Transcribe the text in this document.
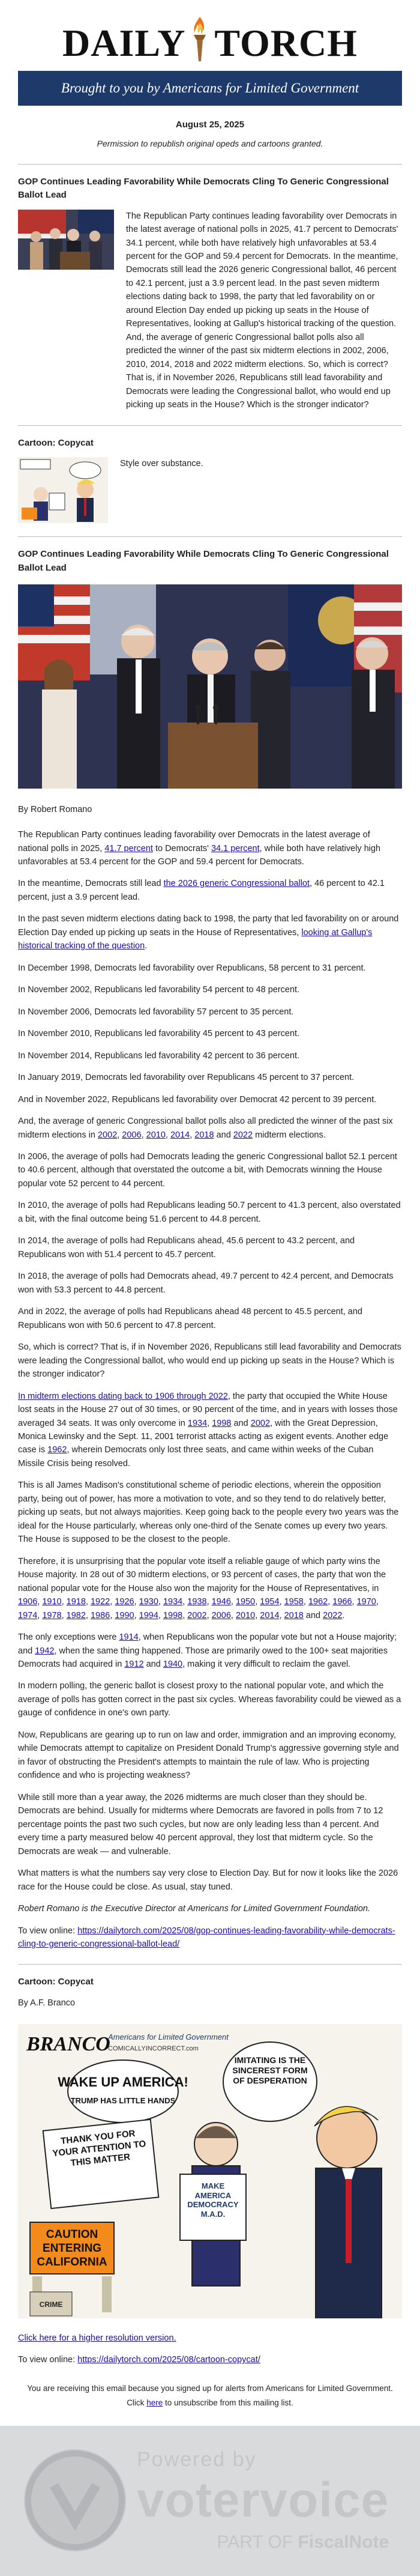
DAILY TORCH
Brought to you by Americans for Limited Government
August 25, 2025
Permission to republish original opeds and cartoons granted.
GOP Continues Leading Favorability While Democrats Cling To Generic Congressional Ballot Lead

The Republican Party continues leading favorability over Democrats in the latest average of national polls in 2025, 41.7 percent to Democrats' 34.1 percent, while both have relatively high unfavorables at 53.4 percent for the GOP and 59.4 percent for Democrats. In the meantime, Democrats still lead the 2026 generic Congressional ballot, 46 percent to 42.1 percent, just a 3.9 percent lead. In the past seven midterm elections dating back to 1998, the party that led favorability on or around Election Day ended up picking up seats in the House of Representatives, looking at Gallup's historical tracking of the question. And, the average of generic Congressional ballot polls also all predicted the winner of the past six midterm elections in 2002, 2006, 2010, 2014, 2018 and 2022 midterm elections. So, which is correct? That is, if in November 2026, Republicans still lead favorability and Democrats were leading the Congressional ballot, who would end up picking up seats in the House? Which is the stronger indicator?

Cartoon: Copycat

Style over substance.

GOP Continues Leading Favorability While Democrats Cling To Generic Congressional Ballot Lead

By Robert Romano

The Republican Party continues leading favorability over Democrats in the latest average of national polls in 2025, 41.7 percent to Democrats' 34.1 percent, while both have relatively high unfavorables at 53.4 percent for the GOP and 59.4 percent for Democrats.

In the meantime, Democrats still lead the 2026 generic Congressional ballot, 46 percent to 42.1 percent, just a 3.9 percent lead.

In the past seven midterm elections dating back to 1998, the party that led favorability on or around Election Day ended up picking up seats in the House of Representatives, looking at Gallup's historical tracking of the question.

In December 1998, Democrats led favorability over Republicans, 58 percent to 31 percent.

In November 2002, Republicans led favorability 54 percent to 48 percent.

In November 2006, Democrats led favorability 57 percent to 35 percent.

In November 2010, Republicans led favorability 45 percent to 43 percent.

In November 2014, Republicans led favorability 42 percent to 36 percent.

In January 2019, Democrats led favorability over Republicans 45 percent to 37 percent.

And in November 2022, Republicans led favorability over Democrat 42 percent to 39 percent.

And, the average of generic Congressional ballot polls also all predicted the winner of the past six midterm elections in 2002, 2006, 2010, 2014, 2018 and 2022 midterm elections.

In 2006, the average of polls had Democrats leading the generic Congressional ballot 52.1 percent to 40.6 percent, although that overstated the outcome a bit, with Democrats winning the House popular vote 52 percent to 44 percent.

In 2010, the average of polls had Republicans leading 50.7 percent to 41.3 percent, also overstated a bit, with the final outcome being 51.6 percent to 44.8 percent.

In 2014, the average of polls had Republicans ahead, 45.6 percent to 43.2 percent, and Republicans won with 51.4 percent to 45.7 percent.

In 2018, the average of polls had Democrats ahead, 49.7 percent to 42.4 percent, and Democrats won with 53.3 percent to 44.8 percent.

And in 2022, the average of polls had Republicans ahead 48 percent to 45.5 percent, and Republicans won with 50.6 percent to 47.8 percent.

So, which is correct? That is, if in November 2026, Republicans still lead favorability and Democrats were leading the Congressional ballot, who would end up picking up seats in the House? Which is the stronger indicator?

In midterm elections dating back to 1906 through 2022, the party that occupied the White House lost seats in the House 27 out of 30 times, or 90 percent of the time, and in years with losses those averaged 34 seats. It was only overcome in 1934, 1998 and 2002, with the Great Depression, Monica Lewinsky and the Sept. 11, 2001 terrorist attacks acting as exigent events. Another edge case is 1962, wherein Democrats only lost three seats, and came within weeks of the Cuban Missile Crisis being resolved.

This is all James Madison's constitutional scheme of periodic elections, wherein the opposition party, being out of power, has more a motivation to vote, and so they tend to do relatively better, picking up seats, but not always majorities. Keep going back to the people every two years was the ideal for the House particularly, whereas only one-third of the Senate comes up every two years. The House is supposed to be the closest to the people.

Therefore, it is unsurprising that the popular vote itself a reliable gauge of which party wins the House majority. In 28 out of 30 midterm elections, or 93 percent of cases, the party that won the national popular vote for the House also won the majority for the House of Representatives, in 1906, 1910, 1918, 1922, 1926, 1930, 1934, 1938, 1946, 1950, 1954, 1958, 1962, 1966, 1970, 1974, 1978, 1982, 1986, 1990, 1994, 1998, 2002, 2006, 2010, 2014, 2018 and 2022.

The only exceptions were 1914, when Republicans won the popular vote but not a House majority; and 1942, when the same thing happened. Those are primarily owed to the 100+ seat majorities Democrats had acquired in 1912 and 1940, making it very difficult to reclaim the gavel.

In modern polling, the generic ballot is closest proxy to the national popular vote, and which the average of polls has gotten correct in the past six cycles. Whereas favorability could be viewed as a gauge of confidence in one's own party.

Now, Republicans are gearing up to run on law and order, immigration and an improving economy, while Democrats attempt to capitalize on President Donald Trump's aggressive governing style and in favor of obstructing the President's attempts to maintain the rule of law. Who is projecting confidence and who is projecting weakness?

While still more than a year away, the 2026 midterms are much closer than they should be. Democrats are behind. Usually for midterms where Democrats are favored in polls from 7 to 12 percentage points the past two such cycles, but now are only leading less than 4 percent. And every time a party measured below 40 percent approval, they lost that midterm cycle. So the Democrats are weak — and vulnerable.

What matters is what the numbers say very close to Election Day. But for now it looks like the 2026 race for the House could be close. As usual, stay tuned.

Robert Romano is the Executive Director at Americans for Limited Government Foundation.

To view online: https://dailytorch.com/2025/08/gop-continues-leading-favorability-while-democrats-cling-to-generic-congressional-ballot-lead/

Cartoon: Copycat

By A.F. Branco

BRANCO
Americans for Limited Government
COMICALLYINCORRECT.com
WAKE UP AMERICA!
TRUMP HAS LITTLE HANDS
THANK YOU FOR YOUR ATTENTION TO THIS MATTER
CAUTION ENTERING CALIFORNIA
CRIME
MAKE AMERICA DEMOCRACY M.A.D.
IMITATING IS THE SINCEREST FORM OF DESPERATION

Click here for a higher resolution version.

To view online: https://dailytorch.com/2025/08/cartoon-copycat/

You are receiving this email because you signed up for alerts from Americans for Limited Government.
Click here to unsubscribe from this mailing list.
Powered by
votervoice
PART OF FiscalNote
